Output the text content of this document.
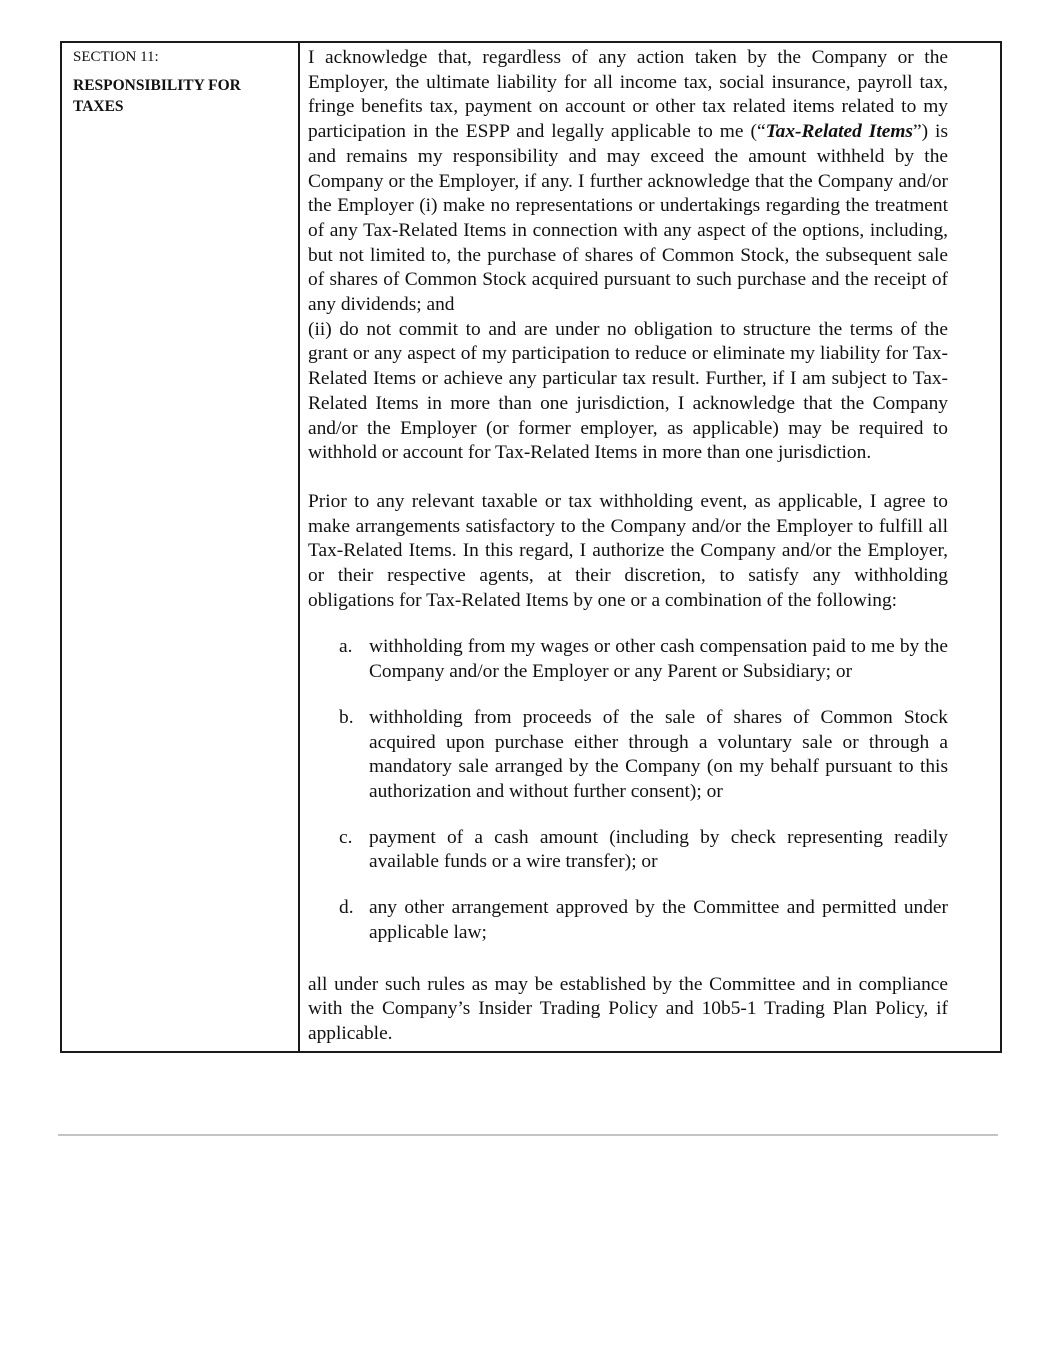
SECTION 11:

RESPONSIBILITY FOR
TAXES

I acknowledge that, regardless of any action taken by the Company or the Employer, the ultimate liability for all income tax, social insurance, payroll tax, fringe benefits tax, payment on account or other tax related items related to my participation in the ESPP and legally applicable to me (“Tax-Related Items”) is and remains my responsibility and may exceed the amount withheld by the Company or the Employer, if any. I further acknowledge that the Company and/or the Employer (i) make no representations or undertakings regarding the treatment of any Tax-Related Items in connection with any aspect of the options, including, but not limited to, the purchase of shares of Common Stock, the subsequent sale of shares of Common Stock acquired pursuant to such purchase and the receipt of any dividends; and

(ii) do not commit to and are under no obligation to structure the terms of the grant or any aspect of my participation to reduce or eliminate my liability for Tax-Related Items or achieve any particular tax result. Further, if I am subject to Tax-Related Items in more than one jurisdiction, I acknowledge that the Company and/or the Employer (or former employer, as applicable) may be required to withhold or account for Tax-Related Items in more than one jurisdiction.

Prior to any relevant taxable or tax withholding event, as applicable, I agree to make arrangements satisfactory to the Company and/or the Employer to fulfill all Tax-Related Items. In this regard, I authorize the Company and/or the Employer, or their respective agents, at their discretion, to satisfy any withholding obligations for Tax-Related Items by one or a combination of the following:

a. withholding from my wages or other cash compensation paid to me by the Company and/or the Employer or any Parent or Subsidiary; or
b. withholding from proceeds of the sale of shares of Common Stock acquired upon purchase either through a voluntary sale or through a mandatory sale arranged by the Company (on my behalf pursuant to this authorization and without further consent); or
c. payment of a cash amount (including by check representing readily available funds or a wire transfer); or
d. any other arrangement approved by the Committee and permitted under applicable law;

all under such rules as may be established by the Committee and in compliance with the Company’s Insider Trading Policy and 10b5-1 Trading Plan Policy, if applicable.
